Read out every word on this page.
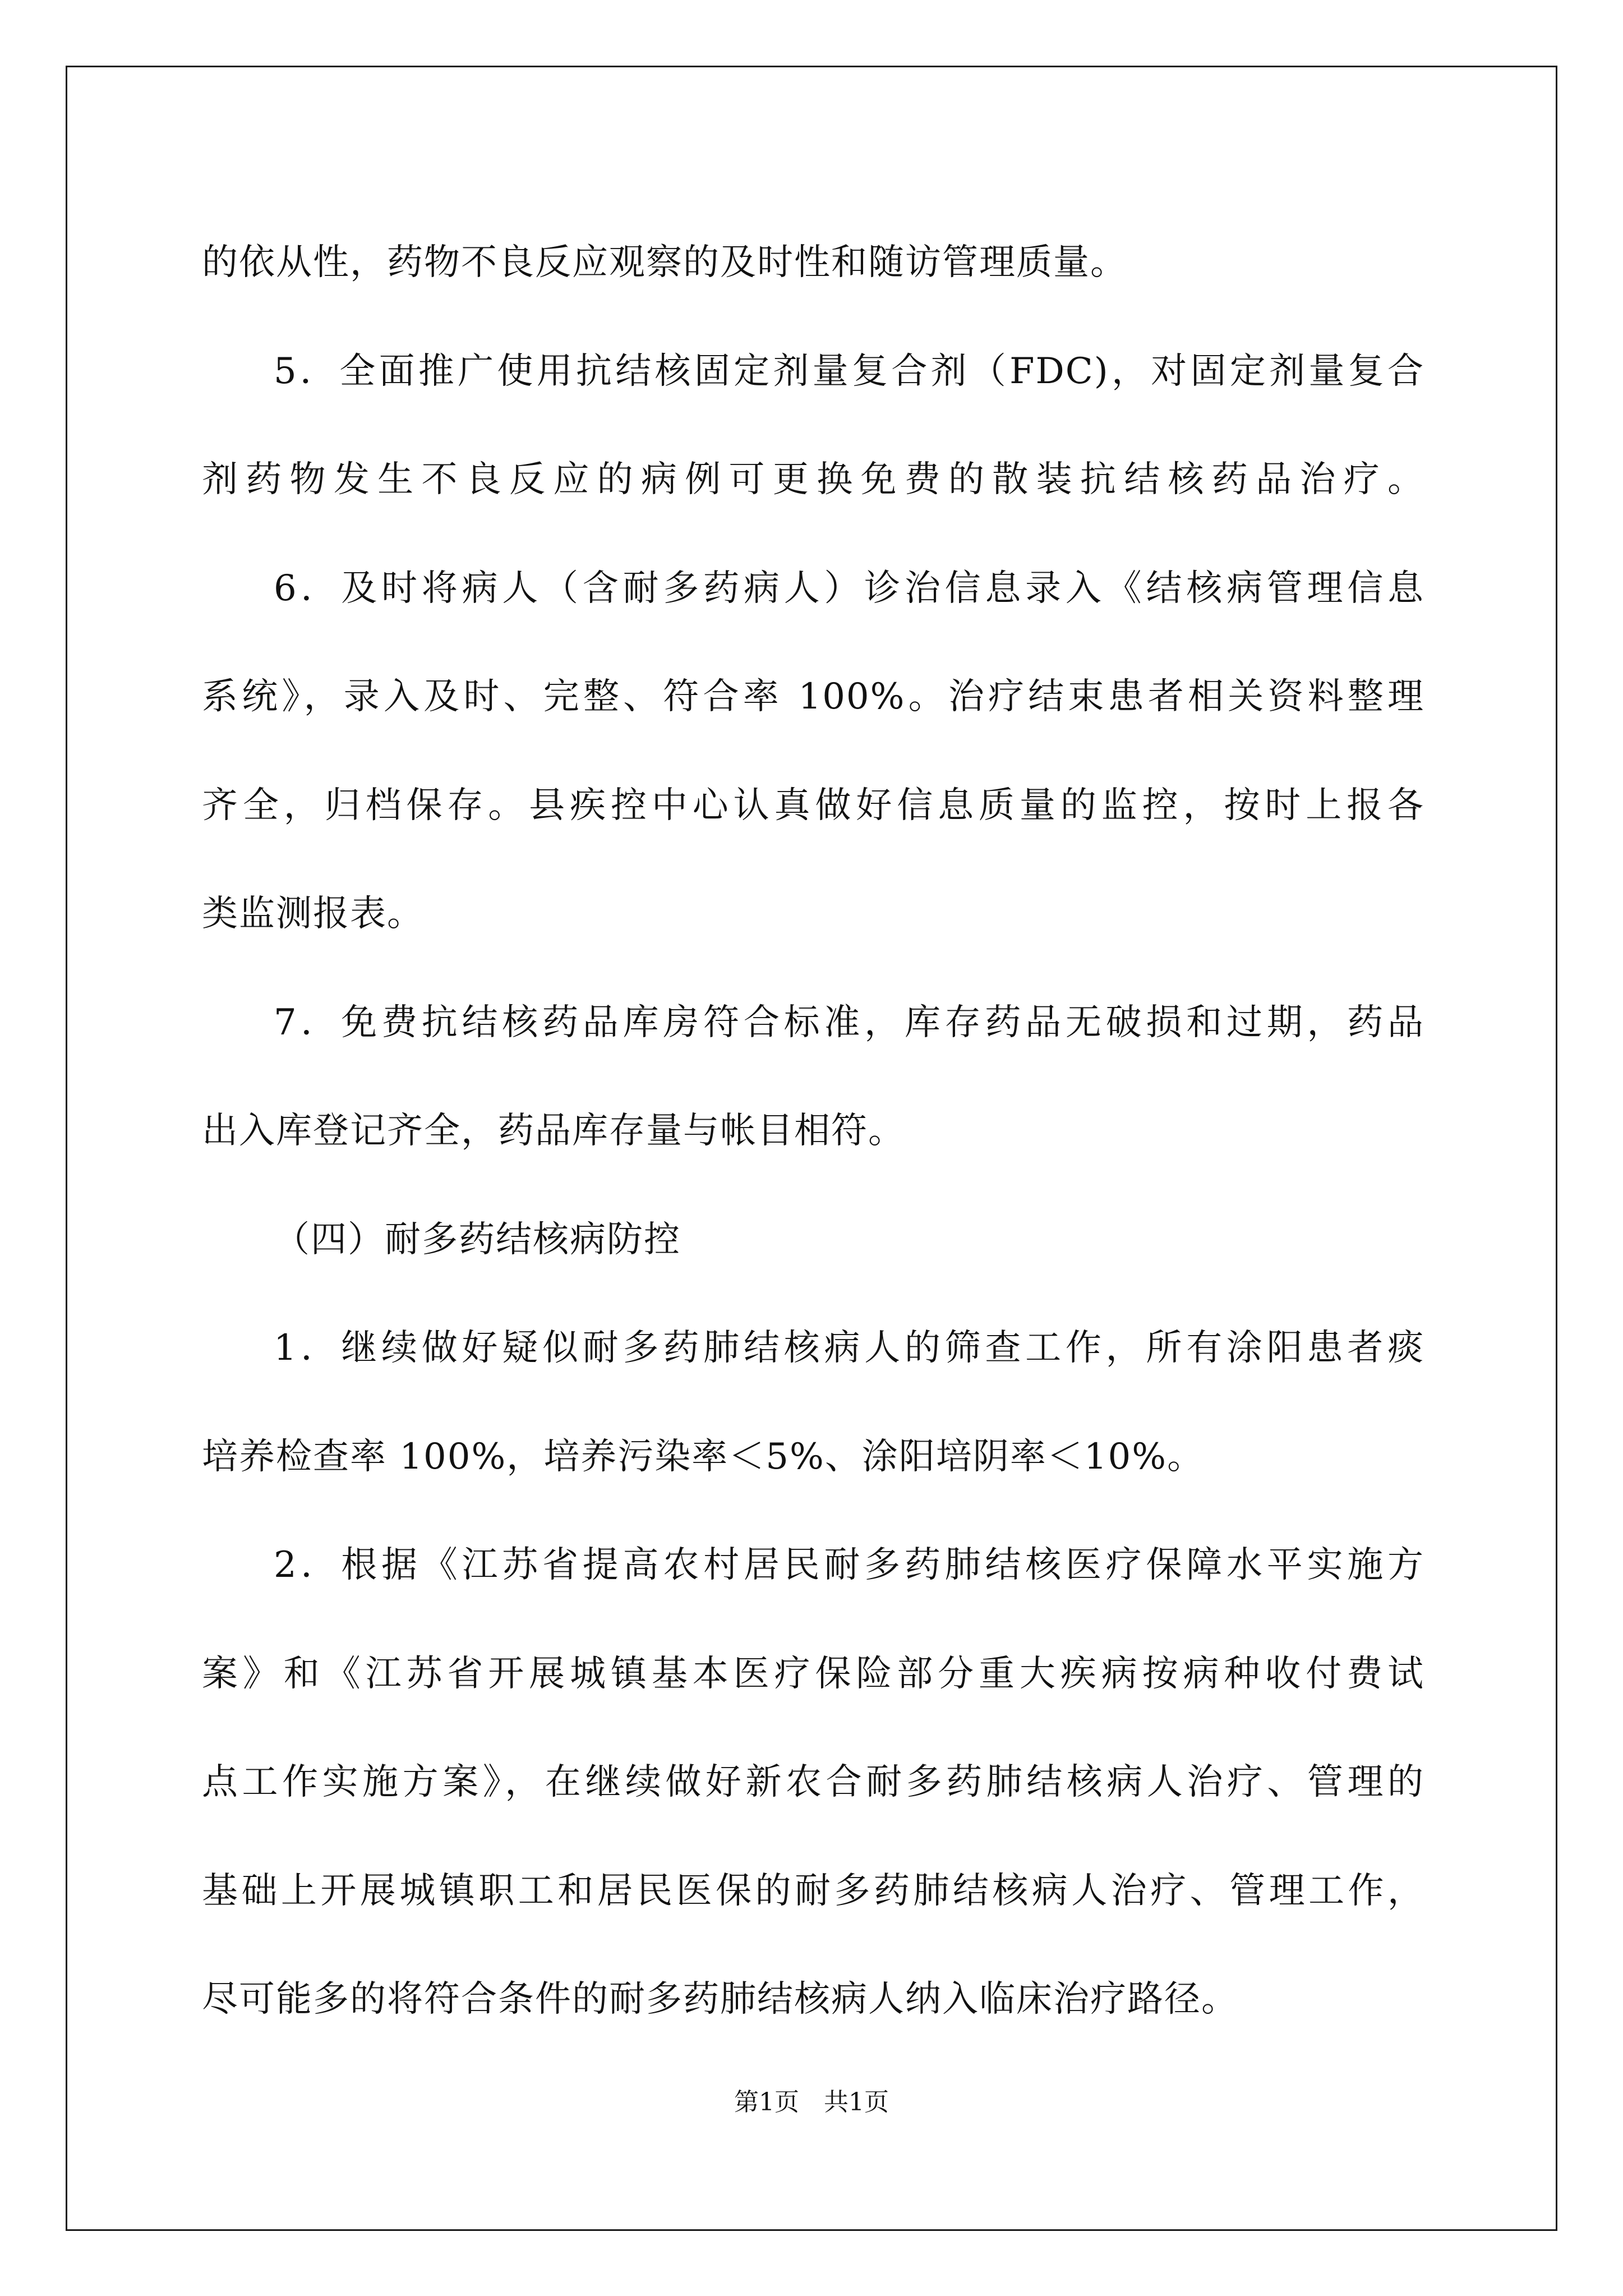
的依从性，药物不良反应观察的及时性和随访管理质量。
5．全面推广使用抗结核固定剂量复合剂（FDC)，对固定剂量复合
剂药物发生不良反应的病例可更换免费的散装抗结核药品治疗。
6．及时将病人（含耐多药病人）诊治信息录入《结核病管理信息
系统》，录入及时、完整、符合率 100%。治疗结束患者相关资料整理
齐全，归档保存。县疾控中心认真做好信息质量的监控，按时上报各
类监测报表。
7．免费抗结核药品库房符合标准，库存药品无破损和过期，药品
出入库登记齐全，药品库存量与帐目相符。
（四）耐多药结核病防控
1．继续做好疑似耐多药肺结核病人的筛查工作，所有涂阳患者痰
培养检查率 100%，培养污染率＜5%、涂阳培阴率＜10%。
2．根据《江苏省提高农村居民耐多药肺结核医疗保障水平实施方
案》和《江苏省开展城镇基本医疗保险部分重大疾病按病种收付费试
点工作实施方案》，在继续做好新农合耐多药肺结核病人治疗、管理的
基础上开展城镇职工和居民医保的耐多药肺结核病人治疗、管理工作，
尽可能多的将符合条件的耐多药肺结核病人纳入临床治疗路径。
第1页 共1页
